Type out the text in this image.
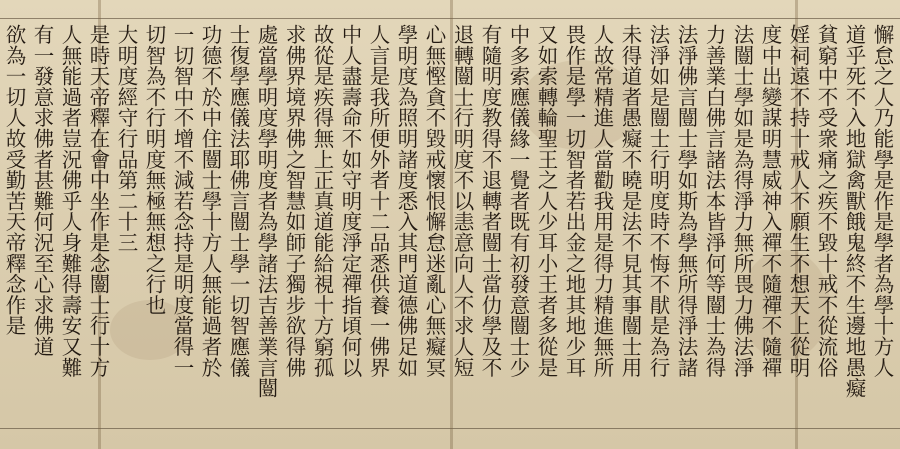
懈怠之人乃能學是作是學者為學十方人
道乎死不入地獄禽獸餓鬼終不生邊地愚癡
貧窮中不受衆痛之疾不毀十戒不從流俗
婬祠遠不持十戒人不願生不想天上從明
度中出變謀明慧威神入禪不隨禪不隨禪
法闓士學如是為得淨力無所畏力佛法淨
力善業白佛言諸法本皆淨何等闓士為得
法淨佛言闓士學如斯為學無所得淨法諸
法淨如是闓士行明度時不悔不猒是為行
未得道者愚癡不曉是法不見其事闓士用
人故常精進人當勸我用是得力精進無所
畏作是學一切智者若出金之地其地少耳
又如索轉輪聖王之人少耳小王者多從是
中多索應儀緣一覺者既有初發意闓士少
有隨明度教得不退轉者闓士當仂學及不
退轉闓士行明度不以恚意向人不求人短
心無慳貪不毀戒懷恨懈怠迷亂心無癡冥
學明度為照明諸度悉入其門道德佛足如
人言是我所便外者十二品悉供養一佛界
中人盡壽命不如守明度淨定禪指頃何以
故從是疾得無上正真道能給視十方窮孤
求佛界境界佛之智慧如師子獨步欲得佛
處當學明度學明度者為學諸法吉善業言闓
士復學應儀法耶佛言闓士學一切智應儀
功德不於中住闓士學十方人無能過者於
一切智中不增不減若念持是明度當得一
切智為不行明度無極無想之行也
大明度經守行品第二十三
是時天帝釋在會中坐作是念闓士行十方
人無能過者豈況佛乎人身難得壽安又難
有一發意求佛者甚難何況至心求佛道
欲為一切人故受勤苦天帝釋念作是
